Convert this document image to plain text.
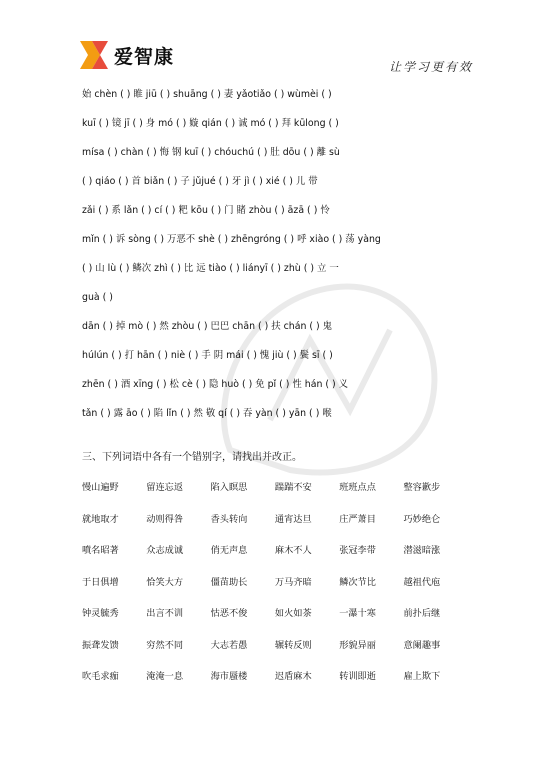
爱智康	让学习更有效
始 chèn ( ) 睢 jiū ( ) shuāng ( ) 妻 yǎotiǎo ( ) wùmèi ( )
kuī ( ) 镜 jī ( ) 身 mó ( ) 嫙 qián ( ) 诚 mó ( ) 拜 kūlong ( )
mísa ( ) chàn ( ) 悔 钢 kuī ( ) chóuchú ( ) 肚 dōu ( ) 離 sù
( ) qiáo ( ) 首 biǎn ( ) 子 jǔjué ( ) 牙 jì ( ) xié ( ) 儿 带
zǎi ( ) 系 lǎn ( ) cí ( ) 粑 kōu ( ) 门 賭 zhòu ( ) āzā ( ) 怜
mǐn ( ) 诉 sòng ( ) 万恶不 shè ( ) zhēngróng ( ) 呼 xiào ( ) 荡 yàng
( ) 山 lù ( ) 鳞次 zhì ( ) 比 远 tiào ( ) liányī ( ) zhù ( ) 立 一
guà ( )
dān ( ) 掉 mò ( ) 然 zhòu ( ) 巴巴 chān ( ) 扶 chán ( ) 鬼
húlún ( ) 打 hān ( ) niè ( ) 手 阴 mái ( ) 愧 jiù ( ) 鬓 sī ( )
zhēn ( ) 酒 xīng ( ) 松 cè ( ) 隐 huò ( ) 免 pǐ ( ) 性 hán ( ) 义
tǎn ( ) 露 āo ( ) 陷 lǐn ( ) 然 敬 qí ( ) 吞 yàn ( ) yān ( ) 喉
三、下列词语中各有一个错别字，请找出并改正。
慢山遍野	留连忘返	陷入瞑思	踹踹不安	班班点点	整容歉步
就地取才	动则得咎	香头转向	通宵达旦	庄严萧目	巧妙绝仑
噴名昭著	众志成诚	俏无声息	麻木不人	张冠李带	潜滋暗涨
于日俱增	恰笑大方	僵苗助长	万马齐暗	鳞次节比	越祖代庖
钟灵毓秀	出言不训	怙恶不俊	如火如茶	一瀑十寒	前扑后继
振聋发馈	穷然不同	大志若愚	辗转反则	形貌异丽	意阑趣事
吹毛求痂	淹淹一息	海市蜃楼	迟盾麻木	转训即逝	雇上欺下
